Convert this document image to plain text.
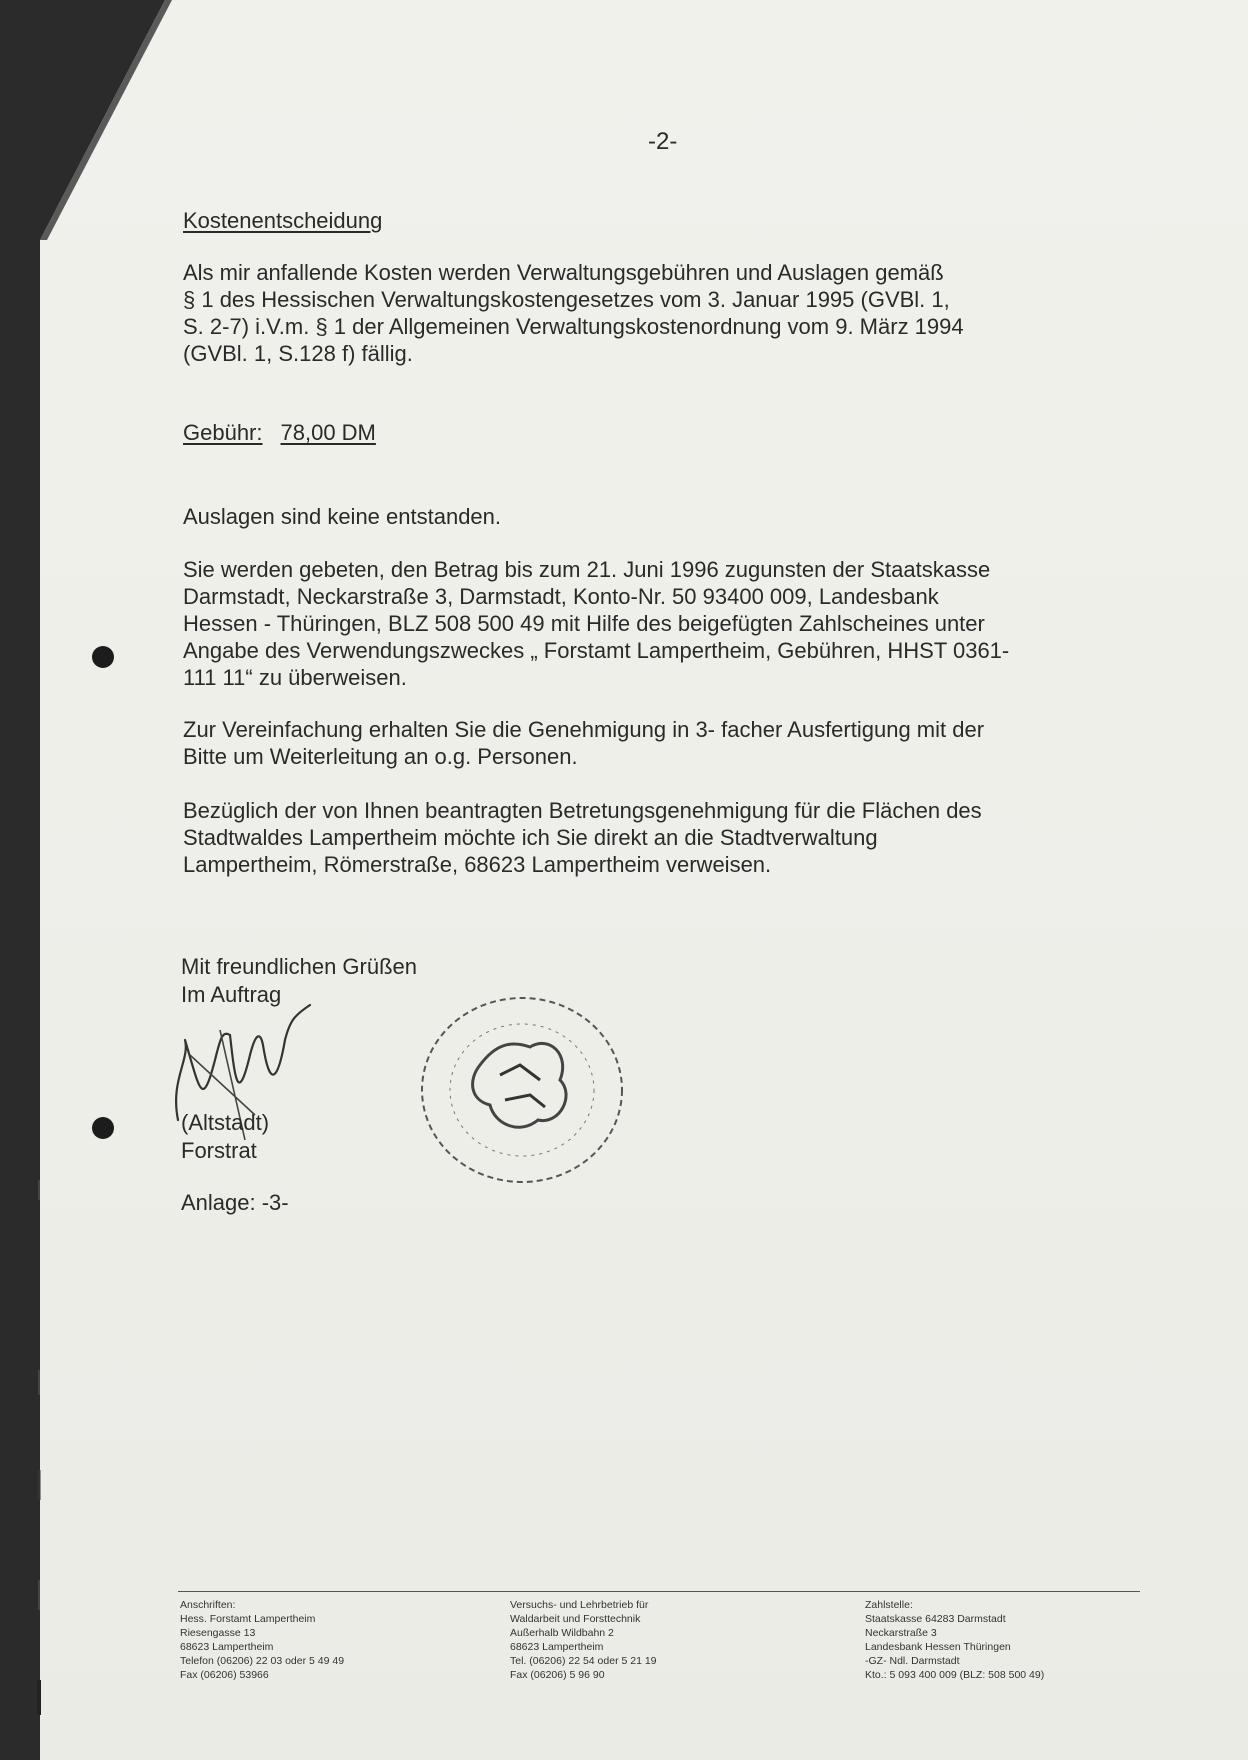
-2-
Kostenentscheidung

Als mir anfallende Kosten werden Verwaltungsgebühren und Auslagen gemäß
§ 1 des Hessischen Verwaltungskostengesetzes vom 3. Januar 1995 (GVBl. 1,
S. 2-7) i.V.m. § 1 der Allgemeinen Verwaltungskostenordnung vom 9. März 1994
(GVBl. 1, S.128 f) fällig.

Gebühr: 78,00 DM

Auslagen sind keine entstanden.

Sie werden gebeten, den Betrag bis zum 21. Juni 1996 zugunsten der Staatskasse
Darmstadt, Neckarstraße 3, Darmstadt, Konto-Nr. 50 93400 009, Landesbank
Hessen - Thüringen, BLZ 508 500 49 mit Hilfe des beigefügten Zahlscheines unter
Angabe des Verwendungszweckes „ Forstamt Lampertheim, Gebühren, HHST 0361-
111 11“ zu überweisen.

Zur Vereinfachung erhalten Sie die Genehmigung in 3- facher Ausfertigung mit der
Bitte um Weiterleitung an o.g. Personen.

Bezüglich der von Ihnen beantragten Betretungsgenehmigung für die Flächen des
Stadtwaldes Lampertheim möchte ich Sie direkt an die Stadtverwaltung
Lampertheim, Römerstraße, 68623 Lampertheim verweisen.

Mit freundlichen Grüßen
Im Auftrag
(Altstadt)
Forstrat
Anlage: -3-
Anschriften:
Hess. Forstamt Lampertheim
Riesengasse 13
68623 Lampertheim
Telefon (06206) 22 03 oder 5 49 49
Fax (06206) 53966
Versuchs- und Lehrbetrieb für
Waldarbeit und Forsttechnik
Außerhalb Wildbahn 2
68623 Lampertheim
Tel. (06206) 22 54 oder 5 21 19
Fax (06206) 5 96 90
Zahlstelle:
Staatskasse 64283 Darmstadt
Neckarstraße 3
Landesbank Hessen Thüringen
-GZ- Ndl. Darmstadt
Kto.: 5 093 400 009 (BLZ: 508 500 49)
